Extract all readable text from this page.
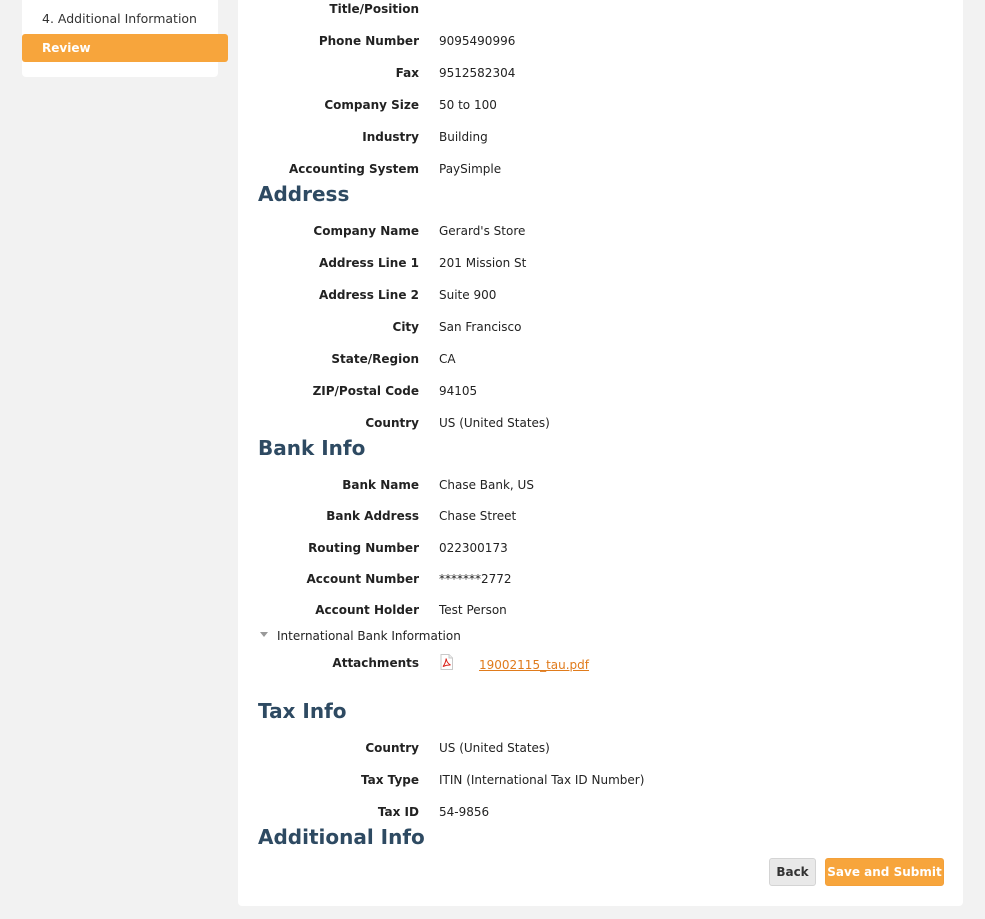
4. Additional Information
Review
Title/Position
Phone Number 9095490996
Fax 9512582304
Company Size 50 to 100
Industry Building
Accounting System PaySimple
Address
Company Name Gerard's Store
Address Line 1 201 Mission St
Address Line 2 Suite 900
City San Francisco
State/Region CA
ZIP/Postal Code 94105
Country US (United States)
Bank Info
Bank Name Chase Bank, US
Bank Address Chase Street
Routing Number 022300173
Account Number *******2772
Account Holder Test Person
International Bank Information
Attachments	19002115_tau.pdf
Tax Info
Country US (United States)
Tax Type ITIN (International Tax ID Number)
Tax ID 54-9856
Additional Info
Back	Save and Submit
